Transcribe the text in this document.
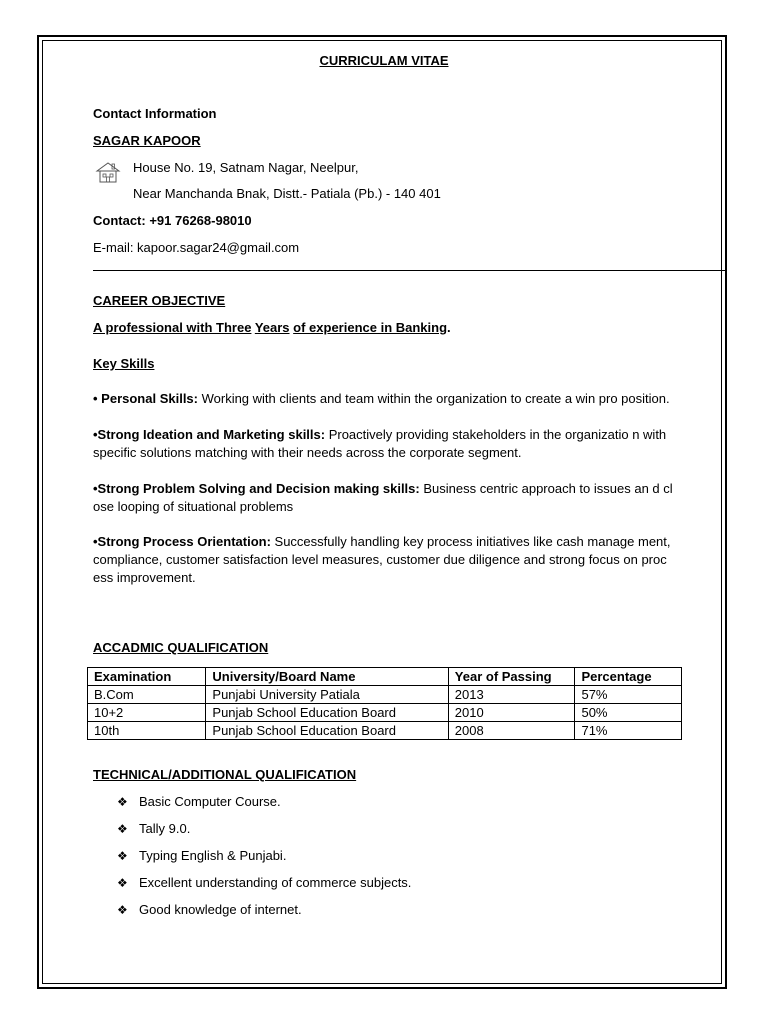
CURRICULAM VITAE
Contact Information
SAGAR KAPOOR
House No. 19, Satnam Nagar, Neelpur,
Near Manchanda Bnak, Distt.- Patiala (Pb.) - 140 401
Contact: +91 76268-98010
E-mail: kapoor.sagar24@gmail.com
CAREER OBJECTIVE
A professional with Three Years of experience in Banking.
Key Skills
• Personal Skills: Working with clients and team within the organization to create a win pro position.
•Strong Ideation and Marketing skills: Proactively providing stakeholders in the organizatio n with specific solutions matching with their needs across the corporate segment.
•Strong Problem Solving and Decision making skills: Business centric approach to issues an d close looping of situational problems
•Strong Process Orientation: Successfully handling key process initiatives like cash manage ment, compliance, customer satisfaction level measures, customer due diligence and strong focus on process improvement.
ACCADMIC QUALIFICATION
Examination	University/Board Name	Year of Passing	Percentage
B.Com	Punjabi University Patiala	2013	57%
10+2	Punjab School Education Board	2010	50%
10th	Punjab School Education Board	2008	71%
TECHNICAL/ADDITIONAL QUALIFICATION
❖ Basic Computer Course.
❖ Tally 9.0.
❖ Typing English & Punjabi.
❖ Excellent understanding of commerce subjects.
❖ Good knowledge of internet.
